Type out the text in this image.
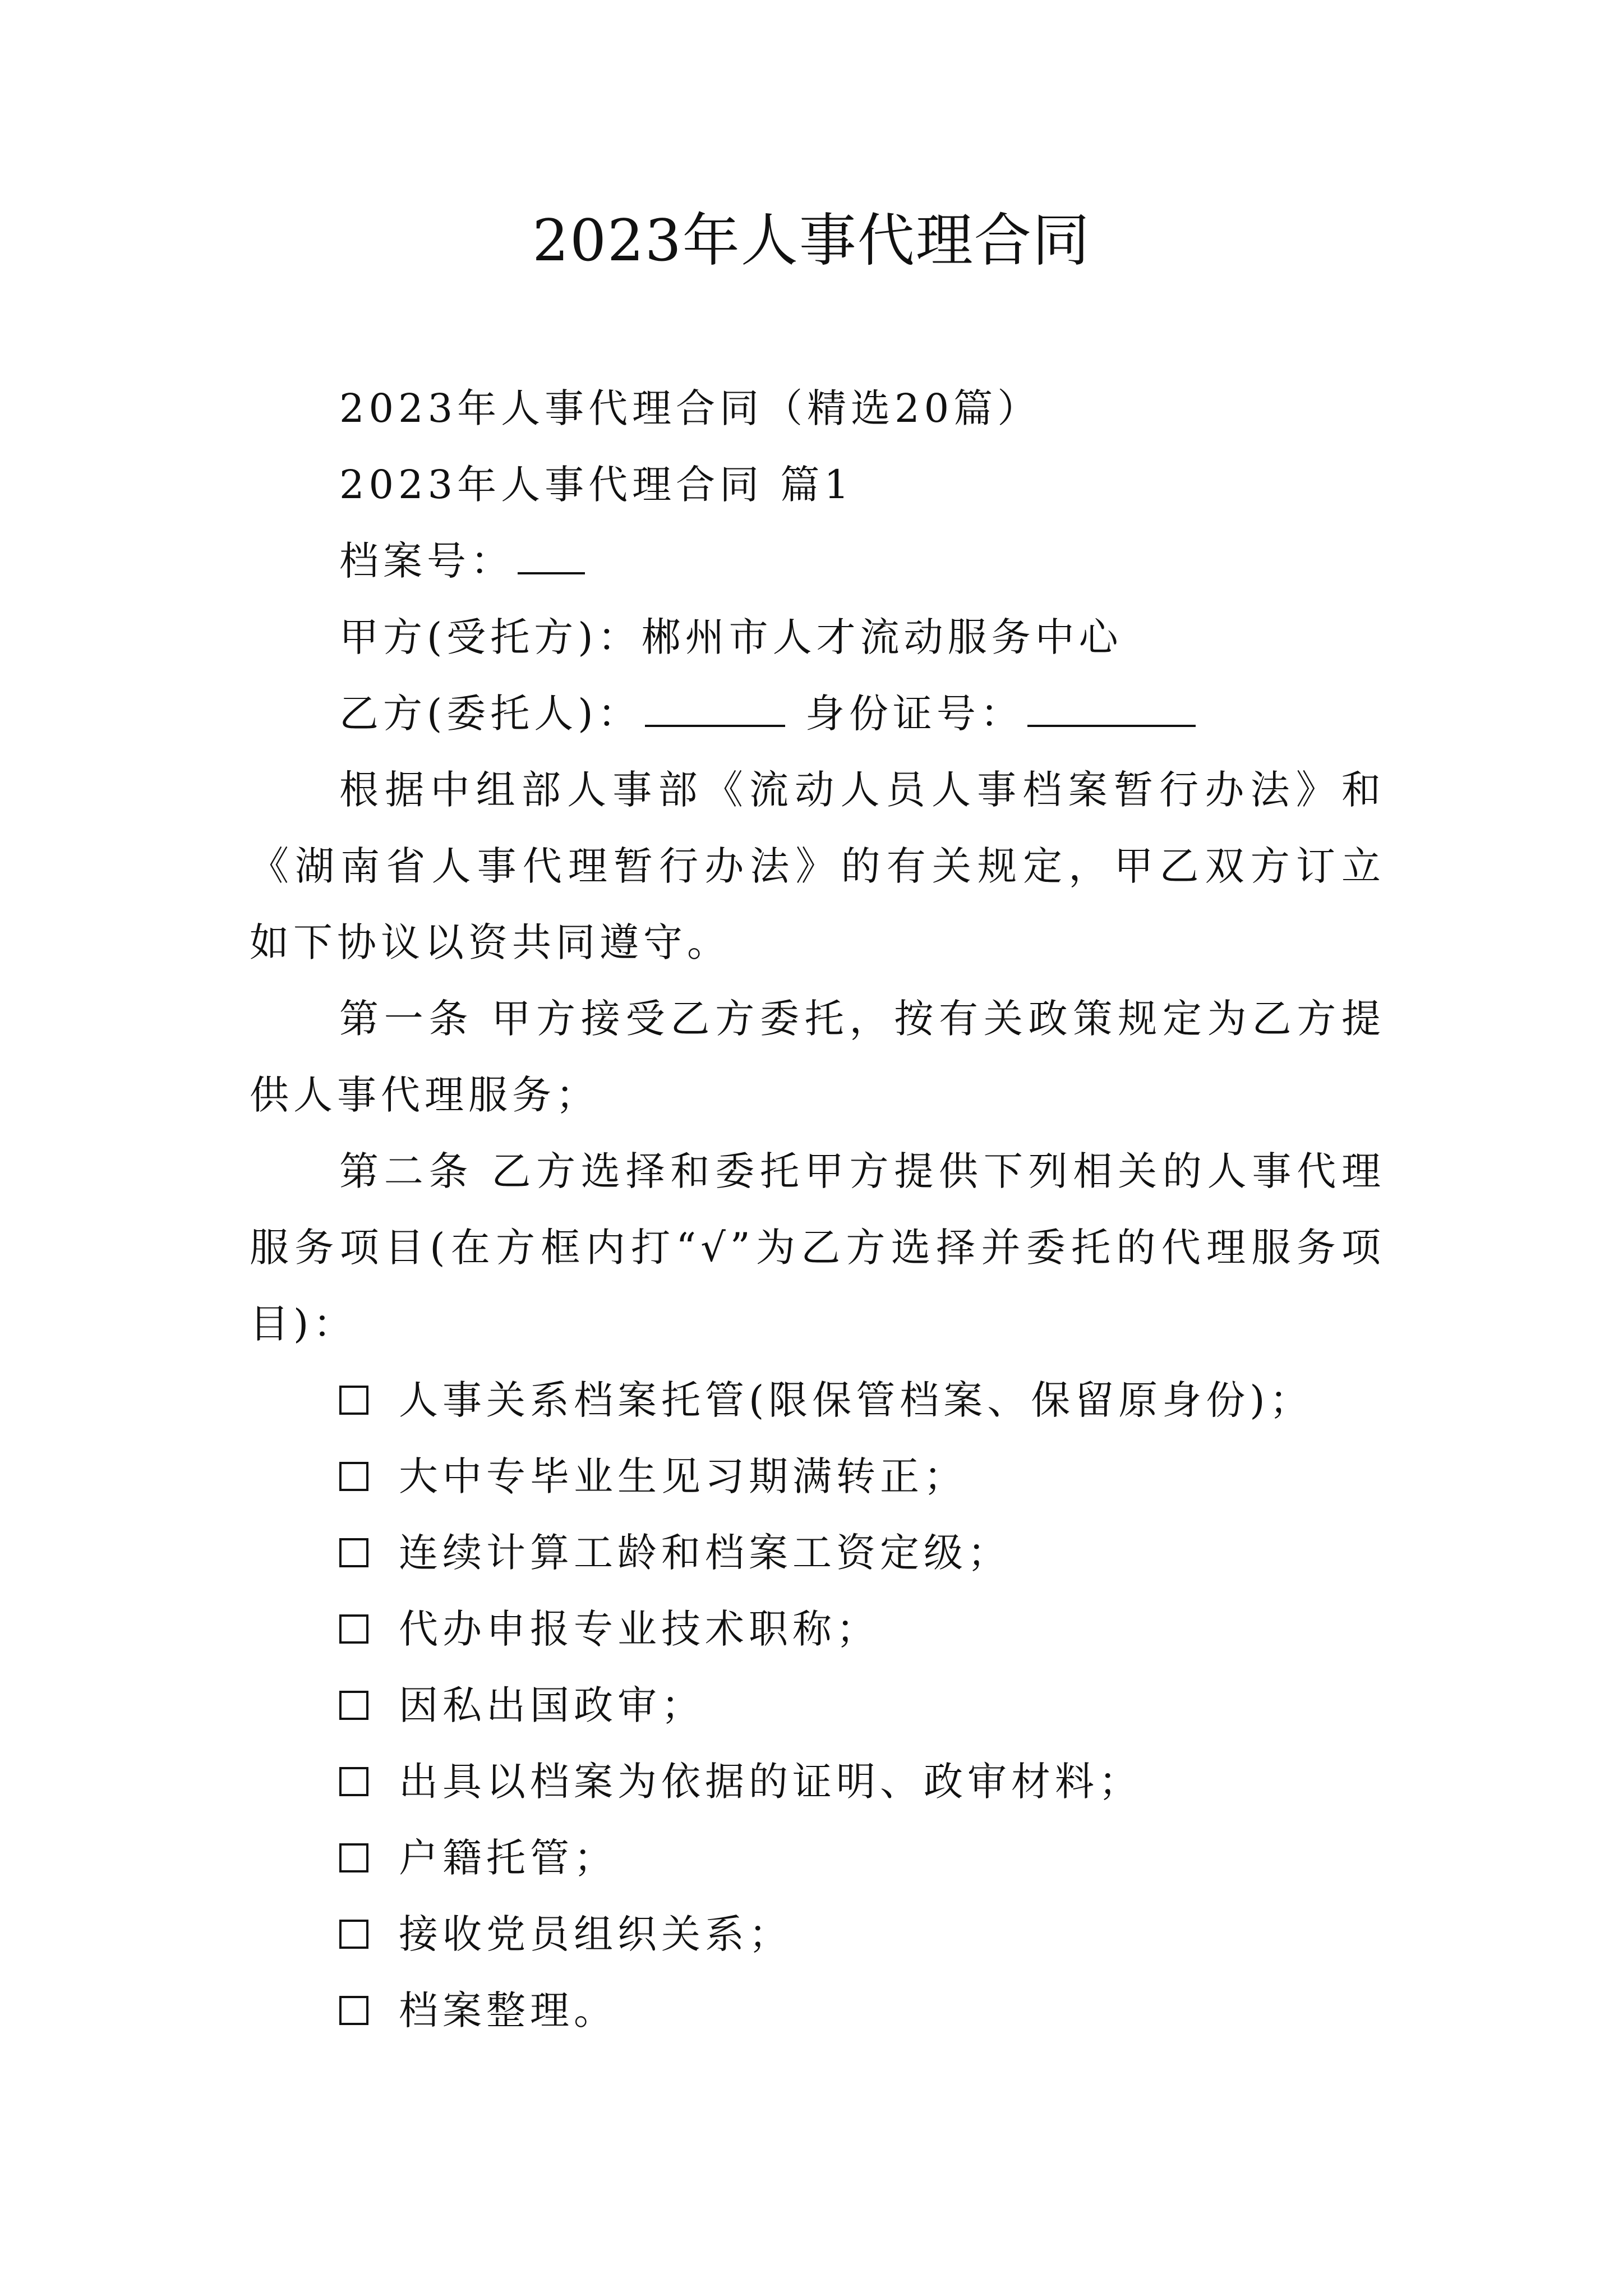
2023年人事代理合同

2023年人事代理合同（精选20篇）

2023年人事代理合同 篇1

档案号：

甲方(受托方)：郴州市人才流动服务中心

乙方(委托人)：	身份证号：

根据中组部人事部《流动人员人事档案暂行办法》和《湖南省人事代理暂行办法》的有关规定，甲乙双方订立如下协议以资共同遵守。

第一条 甲方接受乙方委托，按有关政策规定为乙方提供人事代理服务；

第二条 乙方选择和委托甲方提供下列相关的人事代理服务项目(在方框内打“√”为乙方选择并委托的代理服务项目)：

人事关系档案托管(限保管档案、保留原身份)；

大中专毕业生见习期满转正；

连续计算工龄和档案工资定级；

代办申报专业技术职称；

因私出国政审；

出具以档案为依据的证明、政审材料；

户籍托管；

接收党员组织关系；

档案整理。
